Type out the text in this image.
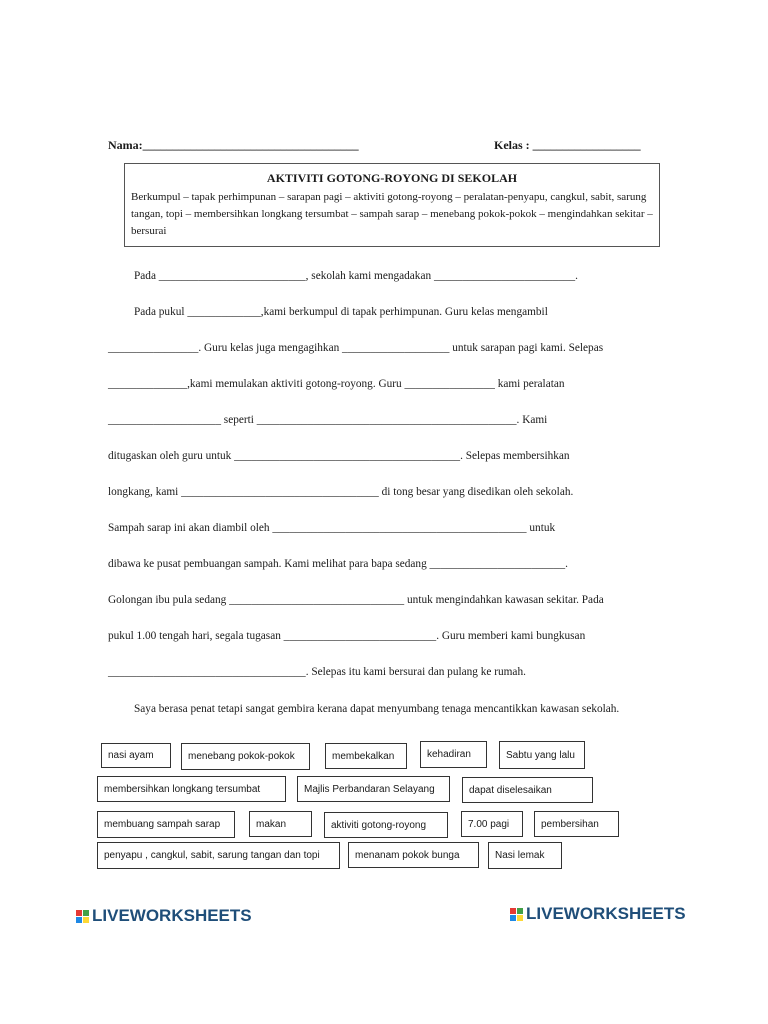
Nama:____________________________________	Kelas : __________________
AKTIVITI GOTONG-ROYONG DI SEKOLAH
Berkumpul – tapak perhimpunan – sarapan pagi – aktiviti gotong-royong – peralatan-penyapu, cangkul, sabit, sarung tangan, topi – membersihkan longkang tersumbat – sampah sarap – menebang pokok-pokok – mengindahkan sekitar – bersurai
Pada __________________________, sekolah kami mengadakan _________________________.
Pada pukul _____________,kami berkumpul di tapak perhimpunan. Guru kelas mengambil
________________. Guru kelas juga mengagihkan ___________________ untuk sarapan pagi kami. Selepas
______________,kami memulakan aktiviti gotong-royong. Guru ________________ kami peralatan
____________________ seperti ______________________________________________. Kami
ditugaskan oleh guru untuk ________________________________________. Selepas membersihkan
longkang, kami ___________________________________ di tong besar yang disedikan oleh sekolah.
Sampah sarap ini akan diambil oleh _____________________________________________ untuk
dibawa ke pusat pembuangan sampah. Kami melihat para bapa sedang ________________________.
Golongan ibu pula sedang _______________________________ untuk mengindahkan kawasan sekitar. Pada
pukul 1.00 tengah hari, segala tugasan ___________________________. Guru memberi kami bungkusan
___________________________________. Selepas itu kami bersurai dan pulang ke rumah.
Saya berasa penat tetapi sangat gembira kerana dapat menyumbang tenaga mencantikkan kawasan sekolah.
nasi ayam	menebang pokok-pokok	membekalkan	kehadiran	Sabtu yang lalu
membersihkan longkang tersumbat	Majlis Perbandaran Selayang	dapat diselesaikan
membuang sampah sarap	makan	aktiviti gotong-royong	7.00 pagi	pembersihan
penyapu , cangkul, sabit, sarung tangan dan topi	menanam pokok bunga	Nasi lemak
LIVEWORKSHEETS	LIVEWORKSHEETS
